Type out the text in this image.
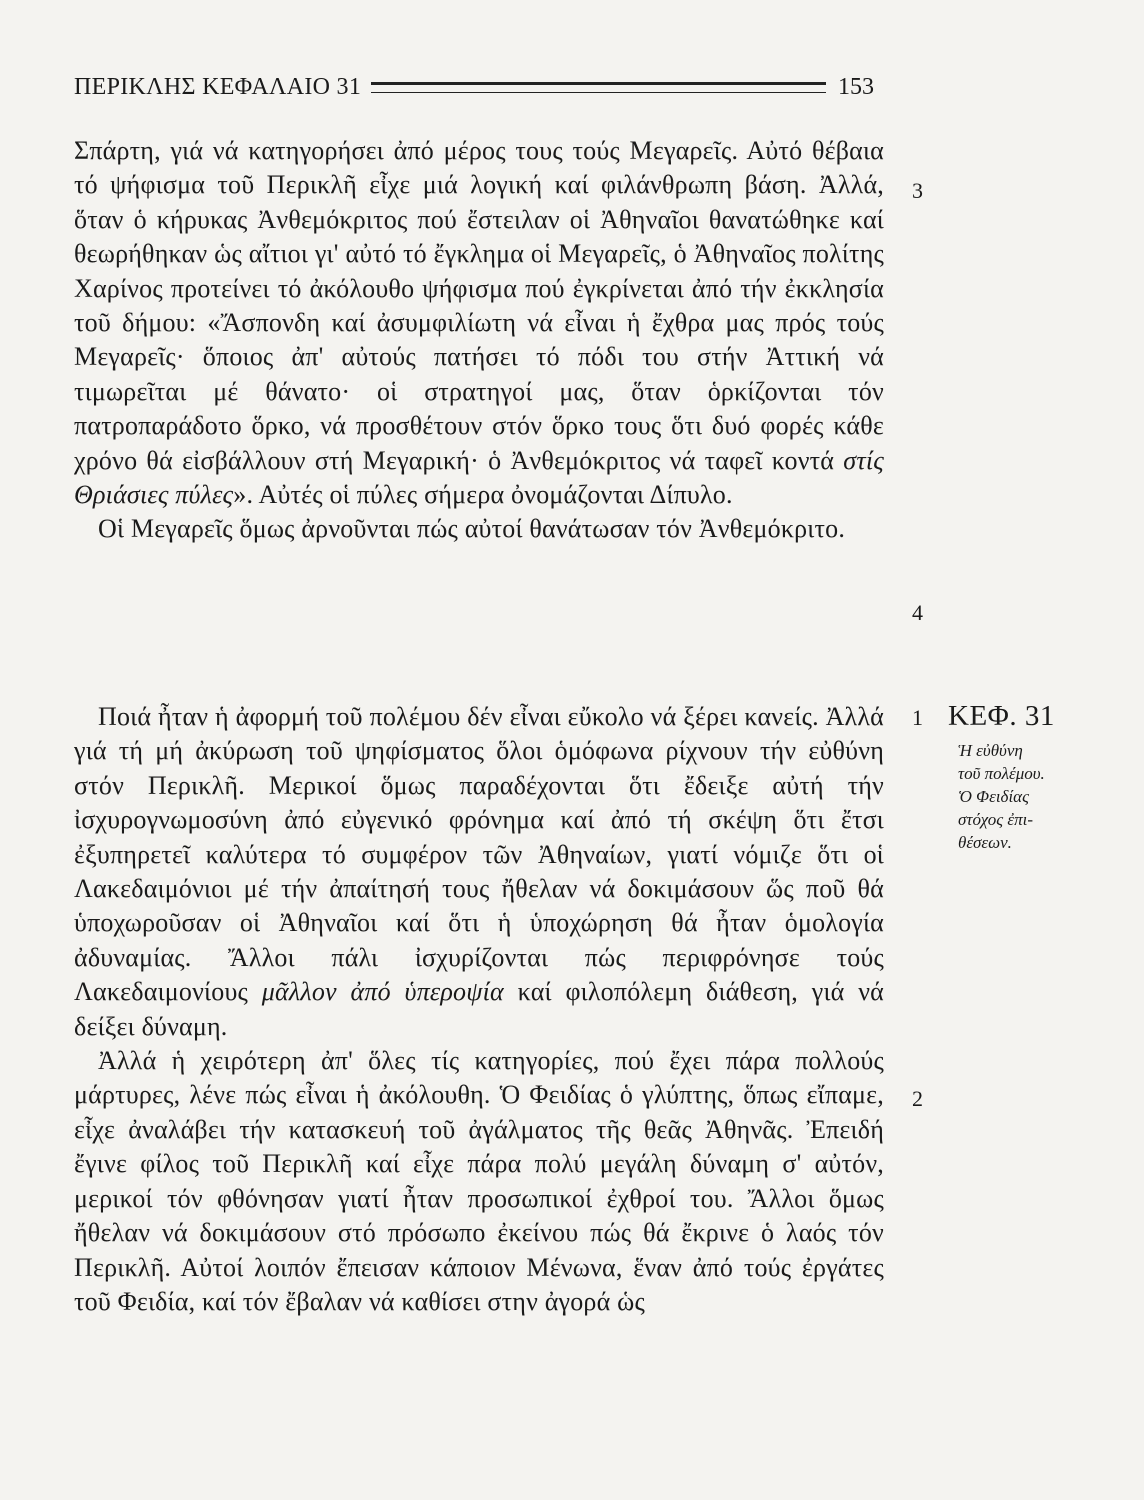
ΠΕΡΙΚΛΗΣ ΚΕΦΑΛΑΙΟ 31	153

Σπάρτη, γιά νά κατηγορήσει ἀπό μέρος τους τούς Μεγαρεῖς. Αὐτό θέβαια τό ψήφισμα τοῦ Περικλῆ εἶχε μιά λογική καί φιλάνθρωπη βάση. Ἀλλά, ὅταν ὁ κήρυκας Ἀνθεμόκριτος πού ἔστειλαν οἱ Ἀθηναῖοι θανατώθηκε καί θεωρήθηκαν ὡς αἴτιοι γι' αὐτό τό ἔγκλημα οἱ Μεγαρεῖς, ὁ Ἀθηναῖος πολίτης Χαρίνος προτείνει τό ἀκόλουθο ψήφισμα πού ἐγκρίνεται ἀπό τήν ἐκκλησία τοῦ δήμου: «Ἄσπονδη καί ἀσυμφιλίωτη νά εἶναι ἡ ἔχθρα μας πρός τούς Μεγαρεῖς· ὅποιος ἀπ' αὐτούς πατήσει τό πόδι του στήν Ἀττική νά τιμωρεῖται μέ θάνατο· οἱ στρατηγοί μας, ὅταν ὁρκίζονται τόν πατροπαράδοτο ὅρκο, νά προσθέτουν στόν ὅρκο τους ὅτι δυό φορές κάθε χρόνο θά εἰσβάλλουν στή Μεγαρική· ὁ Ἀνθεμόκριτος νά ταφεῖ κοντά στίς Θριάσιες πύλες». Αὐτές οἱ πύλες σήμερα ὀνομάζονται Δίπυλο.

Οἱ Μεγαρεῖς ὅμως ἀρνοῦνται πώς αὐτοί θανάτωσαν τόν Ἀνθεμόκριτο.

3
4
1
2
ΚΕΦ. 31
Ἡ εὐθύνη
τοῦ πολέμου.
Ὁ Φειδίας
στόχος ἐπι-
θέσεων.

Ποιά ἦταν ἡ ἀφορμή τοῦ πολέμου δέν εἶναι εὔκολο νά ξέρει κανείς. Ἀλλά γιά τή μή ἀκύρωση τοῦ ψηφίσματος ὅλοι ὁμόφωνα ρίχνουν τήν εὐθύνη στόν Περικλῆ. Μερικοί ὅμως παραδέχονται ὅτι ἔδειξε αὐτή τήν ἰσχυρογνωμοσύνη ἀπό εὐγενικό φρόνημα καί ἀπό τή σκέψη ὅτι ἔτσι ἐξυπηρετεῖ καλύτερα τό συμφέρον τῶν Ἀθηναίων, γιατί νόμιζε ὅτι οἱ Λακεδαιμόνιοι μέ τήν ἀπαίτησή τους ἤθελαν νά δοκιμάσουν ὥς ποῦ θά ὑποχωροῦσαν οἱ Ἀθηναῖοι καί ὅτι ἡ ὑποχώρηση θά ἦταν ὁμολογία ἀδυναμίας. Ἄλλοι πάλι ἰσχυρίζονται πώς περιφρόνησε τούς Λακεδαιμονίους μᾶλλον ἀπό ὑπεροψία καί φιλοπόλεμη διάθεση, γιά νά δείξει δύναμη.

Ἀλλά ἡ χειρότερη ἀπ' ὅλες τίς κατηγορίες, πού ἔχει πάρα πολλούς μάρτυρες, λένε πώς εἶναι ἡ ἀκόλουθη. Ὁ Φειδίας ὁ γλύπτης, ὅπως εἴπαμε, εἶχε ἀναλάβει τήν κατασκευή τοῦ ἀγάλματος τῆς θεᾶς Ἀθηνᾶς. Ἐπειδή ἔγινε φίλος τοῦ Περικλῆ καί εἶχε πάρα πολύ μεγάλη δύναμη σ' αὐτόν, μερικοί τόν φθόνησαν γιατί ἦταν προσωπικοί ἐχθροί του. Ἄλλοι ὅμως ἤθελαν νά δοκιμάσουν στό πρόσωπο ἐκείνου πώς θά ἔκρινε ὁ λαός τόν Περικλῆ. Αὐτοί λοιπόν ἔπεισαν κάποιον Μένωνα, ἕναν ἀπό τούς ἐργάτες τοῦ Φειδία, καί τόν ἔβαλαν νά καθίσει στην ἀγορά ὡς
